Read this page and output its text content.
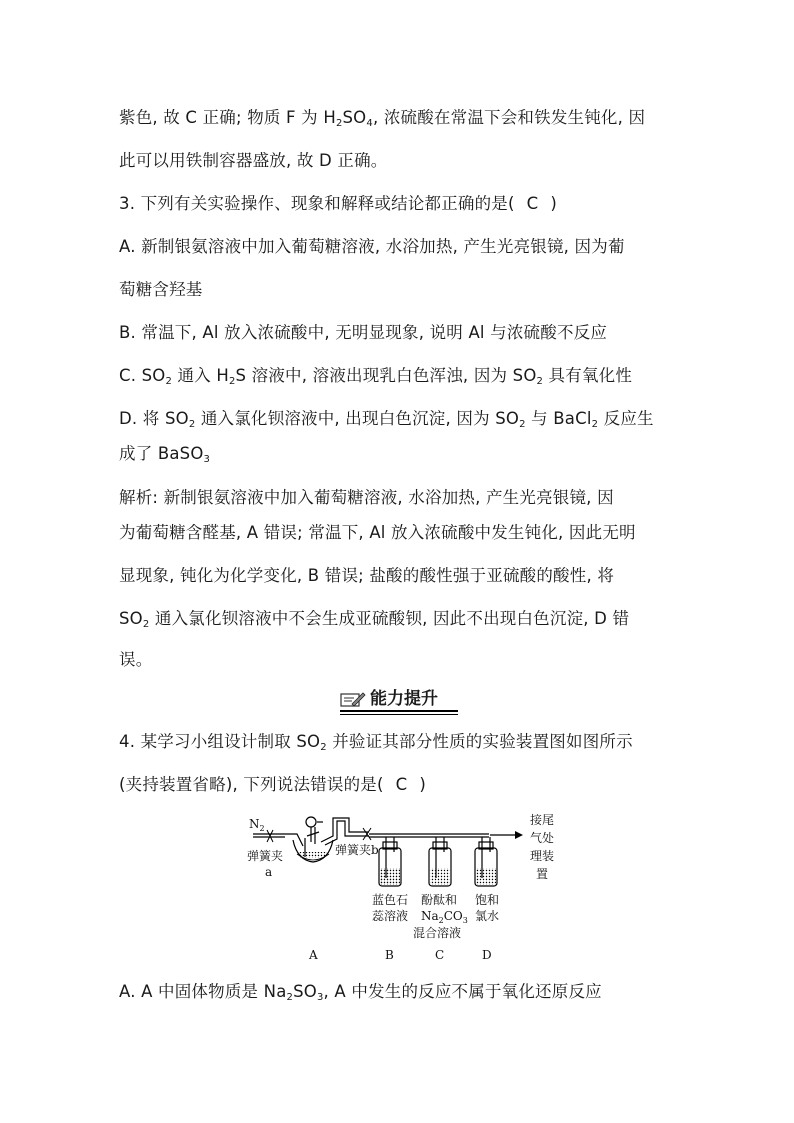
紫色, 故 C 正确; 物质 F 为 $H_2SO_4$, 浓硫酸在常温下会和铁发生钝化, 因
此可以用铁制容器盛放, 故 D 正确。
3. 下列有关实验操作、现象和解释或结论都正确的是( C )
A. 新制银氨溶液中加入葡萄糖溶液, 水浴加热, 产生光亮银镜, 因为葡
萄糖含羟基
B. 常温下, Al 放入浓硫酸中, 无明显现象, 说明 Al 与浓硫酸不反应
C. $SO_2$ 通入 $H_2S$ 溶液中, 溶液出现乳白色浑浊, 因为 $SO_2$ 具有氧化性
D. 将 $SO_2$ 通入氯化钡溶液中, 出现白色沉淀, 因为 $SO_2$ 与 BaCl$_2$ 反应生
成了 BaSO$_3$
解析: 新制银氨溶液中加入葡萄糖溶液, 水浴加热, 产生光亮银镜, 因
为葡萄糖含醛基, A 错误; 常温下, Al 放入浓硫酸中发生钝化, 因此无明
显现象, 钝化为化学变化, B 错误; 盐酸的酸性强于亚硫酸的酸性, 将
$SO_2$ 通入氯化钡溶液中不会生成亚硫酸钡, 因此不出现白色沉淀, D 错
误。
能力提升
4. 某学习小组设计制取 $SO_2$ 并验证其部分性质的实验装置图如图所示
(夹持装置省略), 下列说法错误的是( C )
$N_2$
弹簧夹
a
弹簧夹b
接尾
气处
理装
置
蓝色石
蕊溶液
酚酞和
$Na_2CO_3$
混合溶液
饱和
氯水
A	B	C	D
A. A 中固体物质是 $Na_2SO_3$, A 中发生的反应不属于氧化还原反应
